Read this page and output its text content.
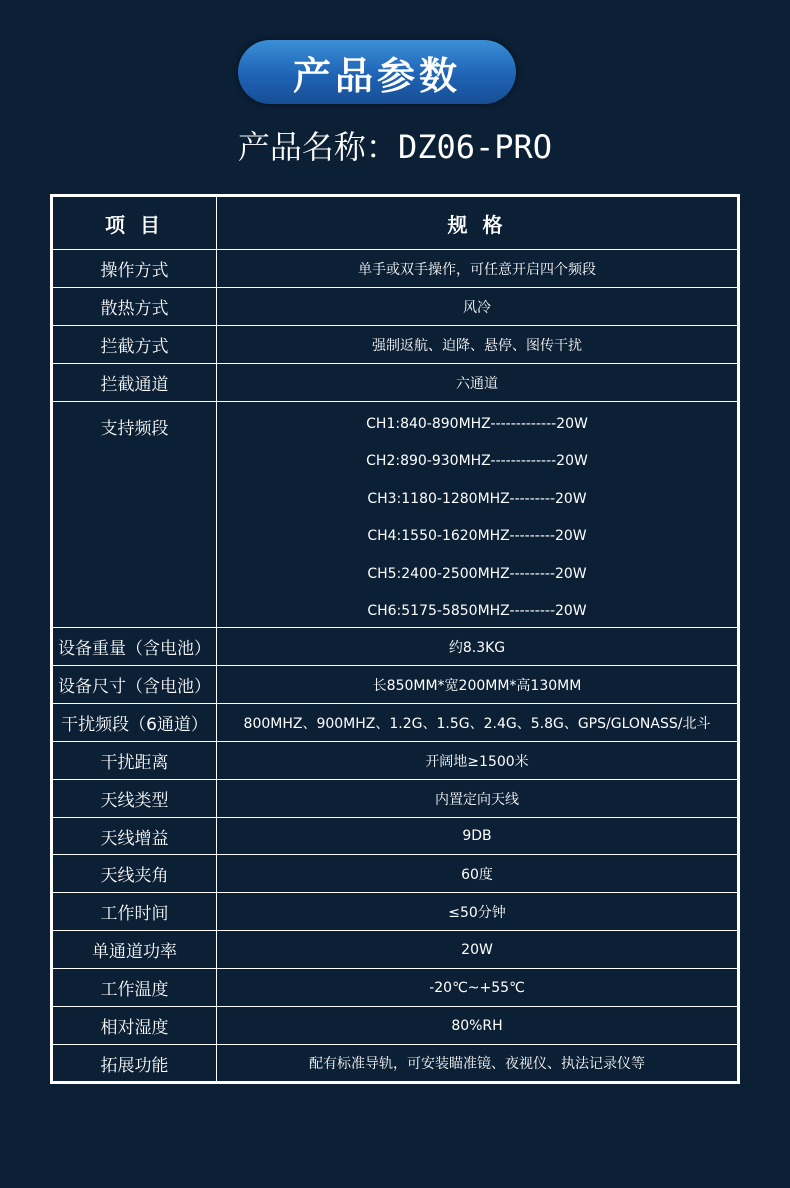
产品参数
产品名称：DZ06-PRO
项 目	规 格
操作方式	单手或双手操作，可任意开启四个频段
散热方式	风冷
拦截方式	强制返航、迫降、悬停、图传干扰
拦截通道	六通道
支持频段	CH1:840-890MHZ-------------20W
CH2:890-930MHZ-------------20W
CH3:1180-1280MHZ---------20W
CH4:1550-1620MHZ---------20W
CH5:2400-2500MHZ---------20W
CH6:5175-5850MHZ---------20W
设备重量（含电池）	约8.3KG
设备尺寸（含电池）	长850MM*宽200MM*高130MM
干扰频段（6通道）	800MHZ、900MHZ、1.2G、1.5G、2.4G、5.8G、GPS/GLONASS/北斗
干扰距离	开阔地≥1500米
天线类型	内置定向天线
天线增益	9DB
天线夹角	60度
工作时间	≤50分钟
单通道功率	20W
工作温度	-20℃~+55℃
相对湿度	80%RH
拓展功能	配有标准导轨，可安装瞄准镜、夜视仪、执法记录仪等
